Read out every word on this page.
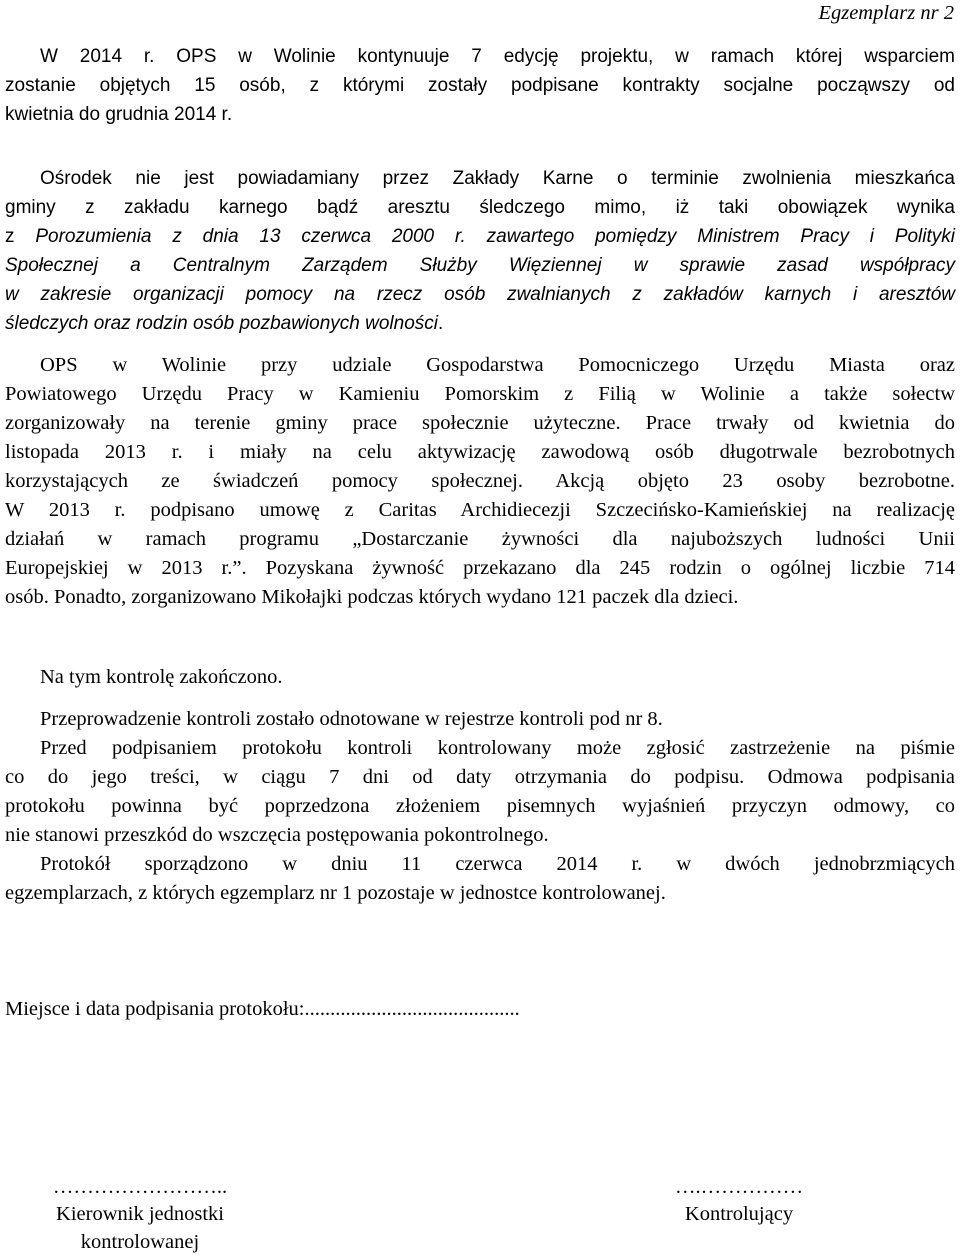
Egzemplarz nr 2
W 2014 r. OPS w Wolinie kontynuuje 7 edycję projektu, w ramach której wsparciem
zostanie objętych 15 osób, z którymi zostały podpisane kontrakty socjalne począwszy od
kwietnia do grudnia 2014 r.
Ośrodek nie jest powiadamiany przez Zakłady Karne o terminie zwolnienia mieszkańca
gminy z zakładu karnego bądź aresztu śledczego mimo, iż taki obowiązek wynika
z Porozumienia z dnia 13 czerwca 2000 r. zawartego pomiędzy Ministrem Pracy i Polityki
Społecznej a Centralnym Zarządem Służby Więziennej w sprawie zasad współpracy
w zakresie organizacji pomocy na rzecz osób zwalnianych z zakładów karnych i aresztów
śledczych oraz rodzin osób pozbawionych wolności.
OPS w Wolinie przy udziale Gospodarstwa Pomocniczego Urzędu Miasta oraz
Powiatowego Urzędu Pracy w Kamieniu Pomorskim z Filią w Wolinie a także sołectw
zorganizowały na terenie gminy prace społecznie użyteczne. Prace trwały od kwietnia do
listopada 2013 r. i miały na celu aktywizację zawodową osób długotrwale bezrobotnych
korzystających ze świadczeń pomocy społecznej. Akcją objęto 23 osoby bezrobotne.
W 2013 r. podpisano umowę z Caritas Archidiecezji Szczecińsko-Kamieńskiej na realizację
działań w ramach programu „Dostarczanie żywności dla najuboższych ludności Unii
Europejskiej w 2013 r.”. Pozyskana żywność przekazano dla 245 rodzin o ogólnej liczbie 714
osób. Ponadto, zorganizowano Mikołajki podczas których wydano 121 paczek dla dzieci.
Na tym kontrolę zakończono.
Przeprowadzenie kontroli zostało odnotowane w rejestrze kontroli pod nr 8.
Przed podpisaniem protokołu kontroli kontrolowany może zgłosić zastrzeżenie na piśmie
co do jego treści, w ciągu 7 dni od daty otrzymania do podpisu. Odmowa podpisania
protokołu powinna być poprzedzona złożeniem pisemnych wyjaśnień przyczyn odmowy, co
nie stanowi przeszkód do wszczęcia postępowania pokontrolnego.
Protokół sporządzono w dniu 11 czerwca 2014 r. w dwóch jednobrzmiących
egzemplarzach, z których egzemplarz nr 1 pozostaje w jednostce kontrolowanej.
Miejsce i data podpisania protokołu:..........................................
……………………..
Kierownik jednostki
kontrolowanej
….……………
Kontrolujący
